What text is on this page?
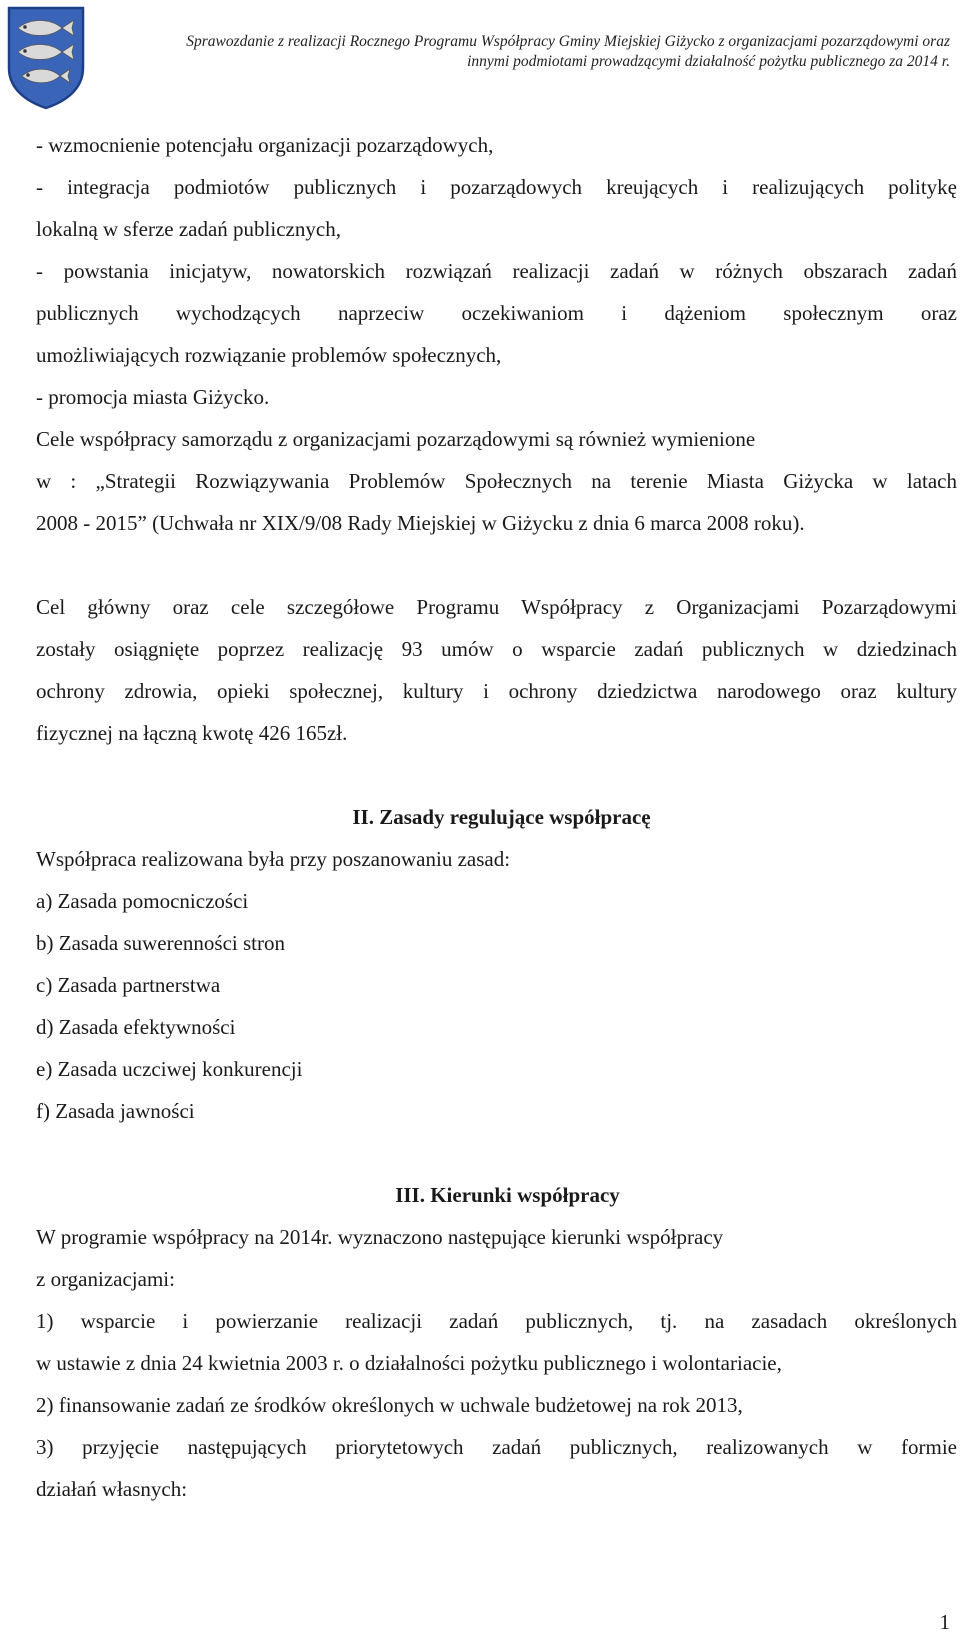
Sprawozdanie z realizacji Rocznego Programu Współpracy Gminy Miejskiej Giżycko z organizacjami pozarządowymi oraz
innymi podmiotami prowadzącymi działalność pożytku publicznego za 2014 r.
- wzmocnienie potencjału organizacji pozarządowych,
- integracja podmiotów publicznych i pozarządowych kreujących i realizujących politykę
lokalną w sferze zadań publicznych,
- powstania inicjatyw, nowatorskich rozwiązań realizacji zadań w różnych obszarach zadań
publicznych wychodzących naprzeciw oczekiwaniom i dążeniom społecznym oraz
umożliwiających rozwiązanie problemów społecznych,
- promocja miasta Giżycko.
Cele współpracy samorządu z organizacjami pozarządowymi są również wymienione
w : „Strategii Rozwiązywania Problemów Społecznych na terenie Miasta Giżycka w latach
2008 - 2015” (Uchwała nr XIX/9/08 Rady Miejskiej w Giżycku z dnia 6 marca 2008 roku).
Cel główny oraz cele szczegółowe Programu Współpracy z Organizacjami Pozarządowymi
zostały osiągnięte poprzez realizację 93 umów o wsparcie zadań publicznych w dziedzinach
ochrony zdrowia, opieki społecznej, kultury i ochrony dziedzictwa narodowego oraz kultury
fizycznej na łączną kwotę 426 165zł.
II. Zasady regulujące współpracę
Współpraca realizowana była przy poszanowaniu zasad:
a) Zasada pomocniczości
b) Zasada suwerenności stron
c) Zasada partnerstwa
d) Zasada efektywności
e) Zasada uczciwej konkurencji
f) Zasada jawności
III. Kierunki współpracy
W programie współpracy na 2014r. wyznaczono następujące kierunki współpracy
z organizacjami:
1) wsparcie i powierzanie realizacji zadań publicznych, tj. na zasadach określonych
w ustawie z dnia 24 kwietnia 2003 r. o działalności pożytku publicznego i wolontariacie,
2) finansowanie zadań ze środków określonych w uchwale budżetowej na rok 2013,
3) przyjęcie następujących priorytetowych zadań publicznych, realizowanych w formie
działań własnych:
1
